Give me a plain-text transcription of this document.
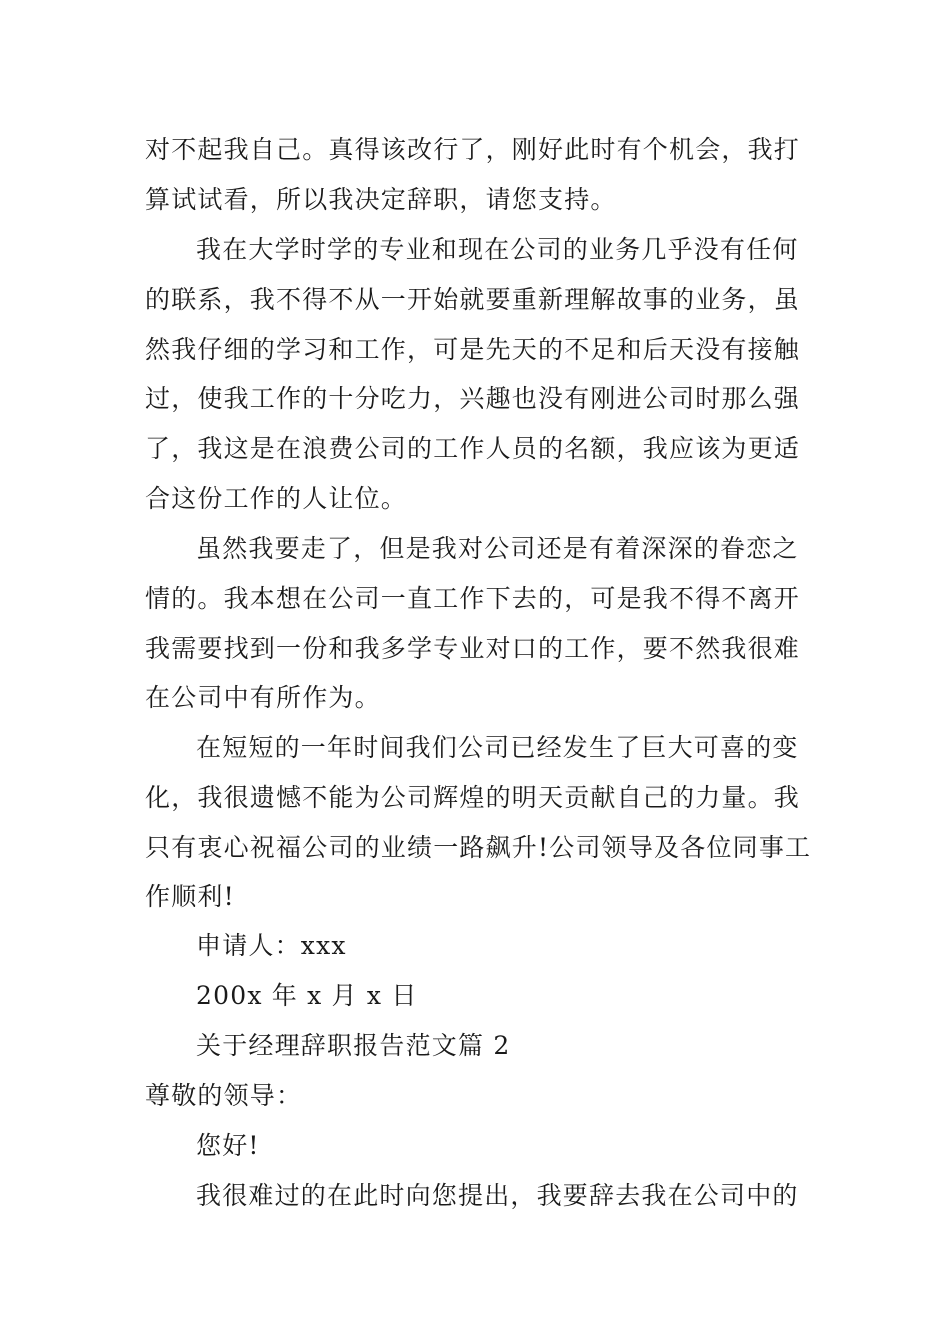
对不起我自己。真得该改行了，刚好此时有个机会，我打
算试试看，所以我决定辞职，请您支持。
我在大学时学的专业和现在公司的业务几乎没有任何
的联系，我不得不从一开始就要重新理解故事的业务，虽
然我仔细的学习和工作，可是先天的不足和后天没有接触
过，使我工作的十分吃力，兴趣也没有刚进公司时那么强
了，我这是在浪费公司的工作人员的名额，我应该为更适
合这份工作的人让位。
虽然我要走了，但是我对公司还是有着深深的眷恋之
情的。我本想在公司一直工作下去的，可是我不得不离开
我需要找到一份和我多学专业对口的工作，要不然我很难
在公司中有所作为。
在短短的一年时间我们公司已经发生了巨大可喜的变
化，我很遗憾不能为公司辉煌的明天贡献自己的力量。我
只有衷心祝福公司的业绩一路飙升!公司领导及各位同事工
作顺利!
申请人：xxx
200x 年 x 月 x 日
关于经理辞职报告范文篇 2
尊敬的领导：
您好!
我很难过的在此时向您提出，我要辞去我在公司中的
